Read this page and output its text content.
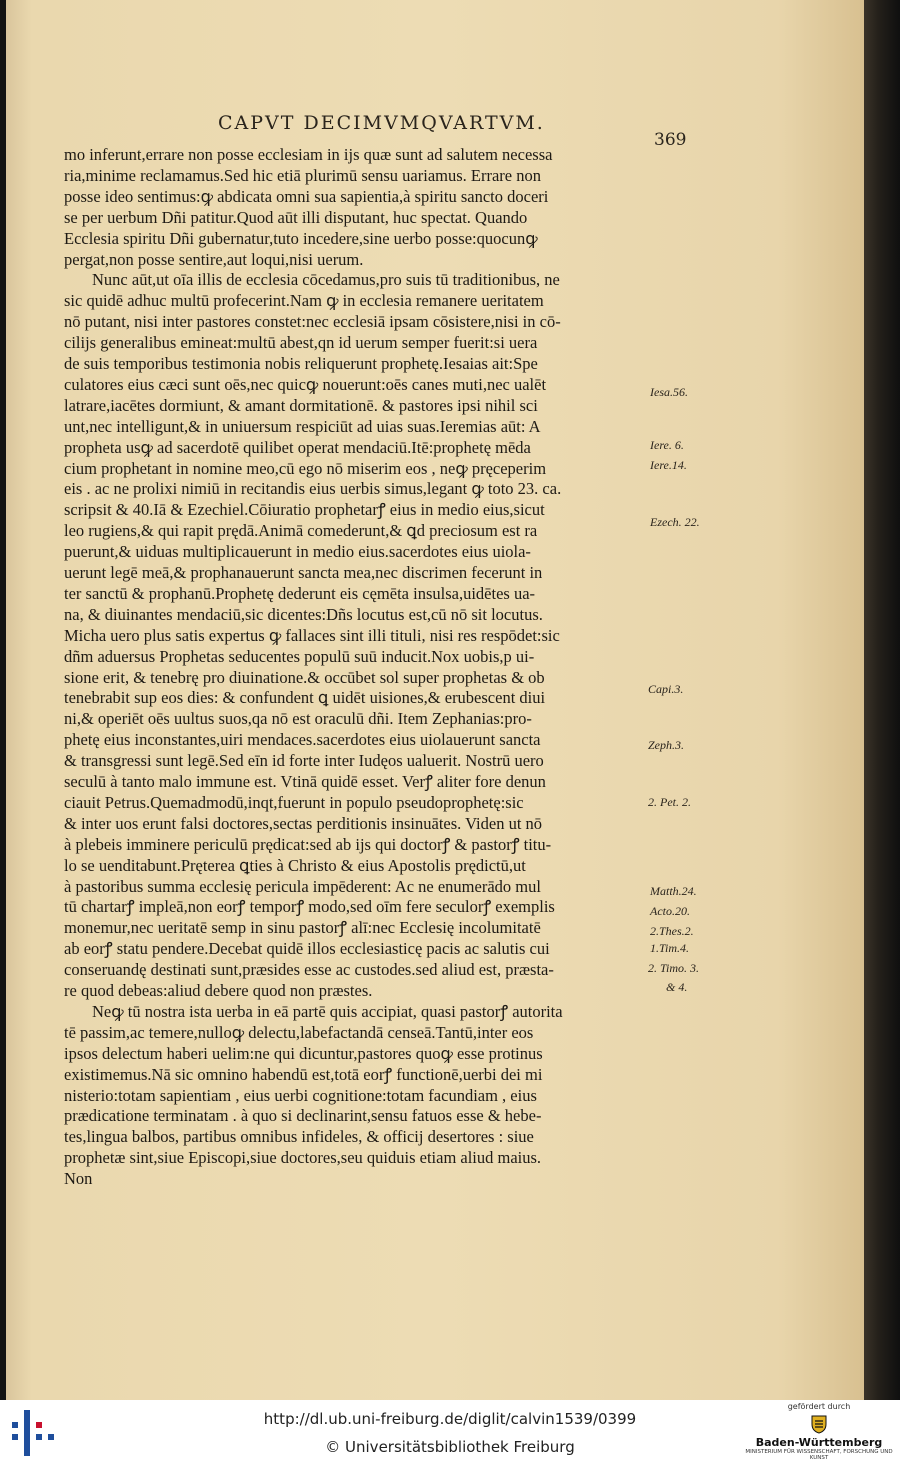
CAPVT DECIMVMQVARTVM.
369
mo inferunt,errare non posse ecclesiam in ijs quæ sunt ad salutem necessa
ria,minime reclamamus.Sed hic etiā plurimū sensu uariamus. Errare non
posse ideo sentimus:ꝙ abdicata omni sua sapientia,à spiritu sancto doceri
se per uerbum Dñi patitur.Quod aūt illi disputant, huc spectat. Quando
Ecclesia spiritu Dñi gubernatur,tuto incedere,sine uerbo posse:quocunꝙ
pergat,non posse sentire,aut loqui,nisi uerum.
Nunc aūt,ut oīa illis de ecclesia cōcedamus,pro suis tū traditionibus, ne
sic quidē adhuc multū profecerint.Nam ꝙ in ecclesia remanere ueritatem
nō putant, nisi inter pastores constet:nec ecclesiā ipsam cōsistere,nisi in cō-
cilijs generalibus emineat:multū abest,qn id uerum semper fuerit:si uera
de suis temporibus testimonia nobis reliquerunt prophetę.Iesaias ait:Spe
culatores eius cæci sunt oēs,nec quicꝙ nouerunt:oēs canes muti,nec ualēt
latrare,iacētes dormiunt, & amant dormitationē. & pastores ipsi nihil sci
unt,nec intelligunt,& in uniuersum respiciūt ad uias suas.Ieremias aūt: A
propheta usꝙ ad sacerdotē quilibet operat mendaciū.Itē:prophetę mēda
cium prophetant in nomine meo,cū ego nō miserim eos , neꝙ pręceperim
eis . ac ne prolixi nimiū in recitandis eius uerbis simus,legant ꝙ toto 23. ca.
scripsit & 40.Iā & Ezechiel.Cōiuratio prophetarꝭ eius in medio eius,sicut
leo rugiens,& qui rapit prędā.Animā comederunt,& ꝗd preciosum est ra
puerunt,& uiduas multiplicauerunt in medio eius.sacerdotes eius uiola-
uerunt legē meā,& prophanauerunt sancta mea,nec discrimen fecerunt in
ter sanctū & prophanū.Prophetę dederunt eis cęmēta insulsa,uidētes ua-
na, & diuinantes mendaciū,sic dicentes:Dñs locutus est,cū nō sit locutus.
Micha uero plus satis expertus ꝙ fallaces sint illi tituli, nisi res respōdet:sic
dñm aduersus Prophetas seducentes populū suū inducit.Nox uobis,p ui-
sione erit, & tenebrę pro diuinatione.& occūbet sol super prophetas & ob
tenebrabit sup eos dies: & confundent ꝗ uidēt uisiones,& erubescent diui
ni,& operiēt oēs uultus suos,qa nō est oraculū dñi. Item Zephanias:pro-
phetę eius inconstantes,uiri mendaces.sacerdotes eius uiolauerunt sancta
& transgressi sunt legē.Sed eīn id forte inter Iudęos ualuerit. Nostrū uero
seculū à tanto malo immune est. Vtinā quidē esset. Verꝭ aliter fore denun
ciauit Petrus.Quemadmodū,inqt,fuerunt in populo pseudoprophetę:sic
& inter uos erunt falsi doctores,sectas perditionis insinuātes. Viden ut nō
à plebeis imminere periculū prędicat:sed ab ijs qui doctorꝭ & pastorꝭ titu-
lo se uenditabunt.Pręterea ꝗties à Christo & eius Apostolis prędictū,ut
à pastoribus summa ecclesię pericula impēderent: Ac ne enumerādo mul
tū chartarꝭ impleā,non eorꝭ temporꝭ modo,sed oīm fere seculorꝭ exemplis
monemur,nec ueritatē semp in sinu pastorꝭ alī:nec Ecclesię incolumitatē
ab eorꝭ statu pendere.Decebat quidē illos ecclesiasticę pacis ac salutis cui
conseruandę destinati sunt,præsides esse ac custodes.sed aliud est, præsta-
re quod debeas:aliud debere quod non præstes.
Neꝙ tū nostra ista uerba in eā partē quis accipiat, quasi pastorꝭ autorita
tē passim,ac temere,nulloꝙ delectu,labefactandā censeā.Tantū,inter eos
ipsos delectum haberi uelim:ne qui dicuntur,pastores quoꝙ esse protinus
existimemus.Nā sic omnino habendū est,totā eorꝭ functionē,uerbi dei mi
nisterio:totam sapientiam , eius uerbi cognitione:totam facundiam , eius
prædicatione terminatam . à quo si declinarint,sensu fatuos esse & hebe-
tes,lingua balbos, partibus omnibus infideles, & officij desertores : siue
prophetæ sint,siue Episcopi,siue doctores,seu quiduis etiam aliud maius.
Non
Iesa.56.
Iere. 6.
Iere.14.
Ezech. 22.
Capi.3.
Zeph.3.
2. Pet. 2.
Matth.24.
Acto.20.
2.Thes.2.
1.Tim.4.
2. Timo. 3.
& 4.
http://dl.ub.uni-freiburg.de/diglit/calvin1539/0399
© Universitätsbibliothek Freiburg
gefördert durch
Baden-Württemberg
MINISTERIUM FÜR WISSENSCHAFT, FORSCHUNG UND KUNST
